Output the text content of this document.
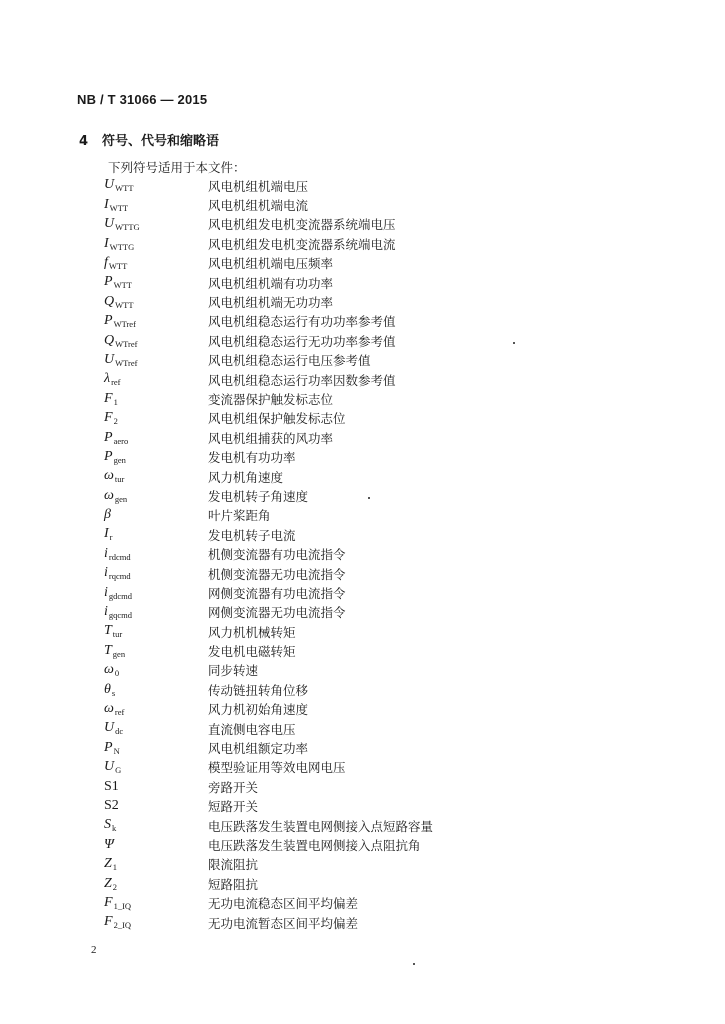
NB / T 31066 — 2015
4 符号、代号和缩略语
下列符号适用于本文件：
$U_{WTT}$	风电机组机端电压
$I_{WTT}$	风电机组机端电流
$U_{WTTG}$	风电机组发电机变流器系统端电压
$I_{WTTG}$	风电机组发电机变流器系统端电流
$f_{WTT}$	风电机组机端电压频率
$P_{WTT}$	风电机组机端有功功率
$Q_{WTT}$	风电机组机端无功功率
$P_{WTref}$	风电机组稳态运行有功功率参考值
$Q_{WTref}$	风电机组稳态运行无功功率参考值
$U_{WTref}$	风电机组稳态运行电压参考值
$\lambda_{ref}$	风电机组稳态运行功率因数参考值
$F_1$	变流器保护触发标志位
$F_2$	风电机组保护触发标志位
$P_{aero}$	风电机组捕获的风功率
$P_{gen}$	发电机有功功率
$\omega_{tur}$	风力机角速度
$\omega_{gen}$	发电机转子角速度
β	叶片桨距角
$I_r$	发电机转子电流
$i_{rdcmd}$	机侧变流器有功电流指令
$i_{rqcmd}$	机侧变流器无功电流指令
$i_{gdcmd}$	网侧变流器有功电流指令
$i_{gqcmd}$	网侧变流器无功电流指令
$T_{tur}$	风力机机械转矩
$T_{gen}$	发电机电磁转矩
$\omega_0$	同步转速
$\theta_s$	传动链扭转角位移
$\omega_{ref}$	风力机初始角速度
$U_{dc}$	直流侧电容电压
$P_N$	风电机组额定功率
$U_G$	模型验证用等效电网电压
S1	旁路开关
S2	短路开关
$S_k$	电压跌落发生装置电网侧接入点短路容量
Ψ	电压跌落发生装置电网侧接入点阻抗角
$Z_1$	限流阻抗
$Z_2$	短路阻抗
$F_{1\_IQ}$	无功电流稳态区间平均偏差
$F_{2\_IQ}$	无功电流暂态区间平均偏差
2
